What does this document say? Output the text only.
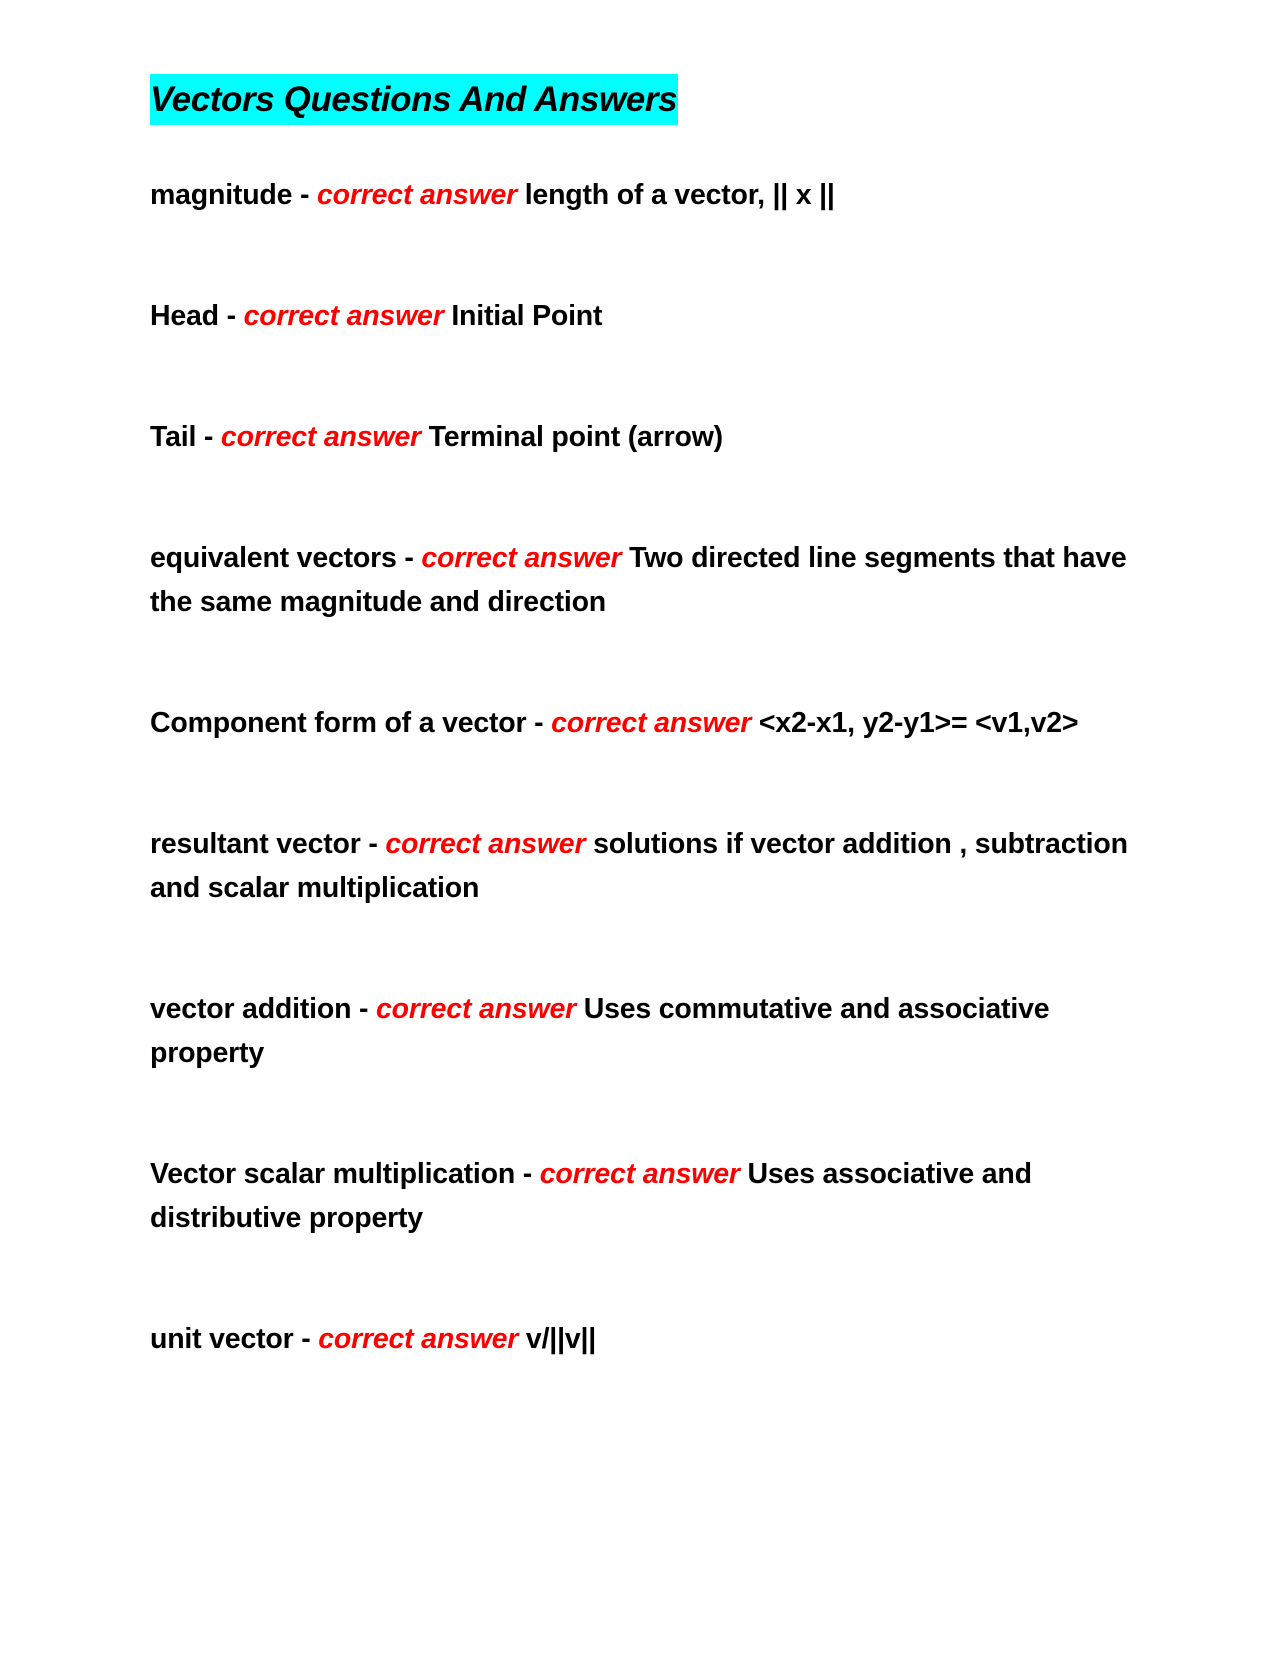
Vectors Questions And Answers

magnitude - correct answer length of a vector, || x ||

Head - correct answer Initial Point

Tail - correct answer Terminal point (arrow)

equivalent vectors - correct answer Two directed line segments that have the same magnitude and direction

Component form of a vector - correct answer <x2-x1, y2-y1>= <v1,v2>

resultant vector - correct answer solutions if vector addition , subtraction and scalar multiplication

vector addition - correct answer Uses commutative and associative property

Vector scalar multiplication - correct answer Uses associative and distributive property

unit vector - correct answer v/||v||
